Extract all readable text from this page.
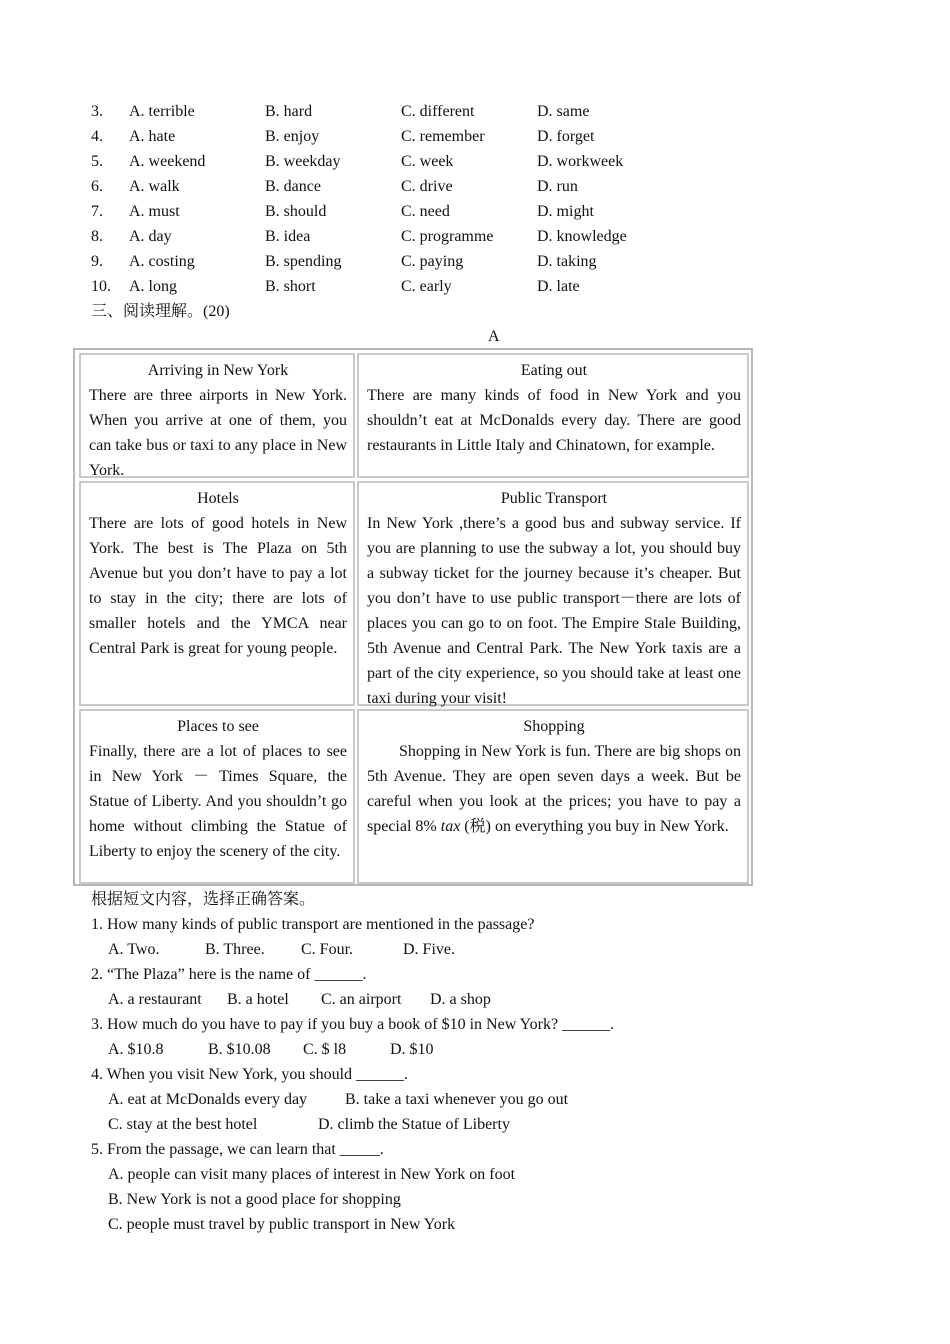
3. A. terrible	B. hard	C. different	D. same
4. A. hate	B. enjoy	C. remember	D. forget
5. A. weekend	B. weekday	C. week	D. workweek
6. A. walk	B. dance	C. drive	D. run
7. A. must	B. should	C. need	D. might
8. A. day	B. idea	C. programme	D. knowledge
9. A. costing	B. spending	C. paying	D. taking
10. A. long	B. short	C. early	D. late
三、阅读理解。(20)
A
Arriving in New York
There are three airports in New York. When you arrive at one of them, you can take bus or taxi to any place in New York.
Eating out
There are many kinds of food in New York and you shouldn’t eat at McDonalds every day. There are good restaurants in Little Italy and Chinatown, for example.
Hotels
There are lots of good hotels in New York. The best is The Plaza on 5th Avenue but you don’t have to pay a lot to stay in the city; there are lots of smaller hotels and the YMCA near Central Park is great for young people.
Public Transport
In New York ,there’s a good bus and subway service. If you are planning to use the subway a lot, you should buy a subway ticket for the journey because it’s cheaper. But you don’t have to use public transport－there are lots of places you can go to on foot. The Empire Stale Building, 5th Avenue and Central Park. The New York taxis are a part of the city experience, so you should take at least one taxi during your visit!
Places to see
Finally, there are a lot of places to see in New York － Times Square, the Statue of Liberty. And you shouldn’t go home without climbing the Statue of Liberty to enjoy the scenery of the city.
Shopping
Shopping in New York is fun. There are big shops on 5th Avenue. They are open seven days a week. But be careful when you look at the prices; you have to pay a special 8% tax (税) on everything you buy in New York.
根据短文内容，选择正确答案。
1. How many kinds of public transport are mentioned in the passage?
A. Two.	B. Three. C. Four.	D. Five.
2. “The Plaza” here is the name of ______.
A. a restaurant B. a hotel C. an airport D. a shop
3. How much do you have to pay if you buy a book of $10 in New York? ______.
A. $10.8	B. $10.08 C. $ l8	D. $10
4. When you visit New York, you should ______.
A. eat at McDonalds every day B. take a taxi whenever you go out
C. stay at the best hotel	D. climb the Statue of Liberty
5. From the passage, we can learn that _____.
A. people can visit many places of interest in New York on foot
B. New York is not a good place for shopping
C. people must travel by public transport in New York
